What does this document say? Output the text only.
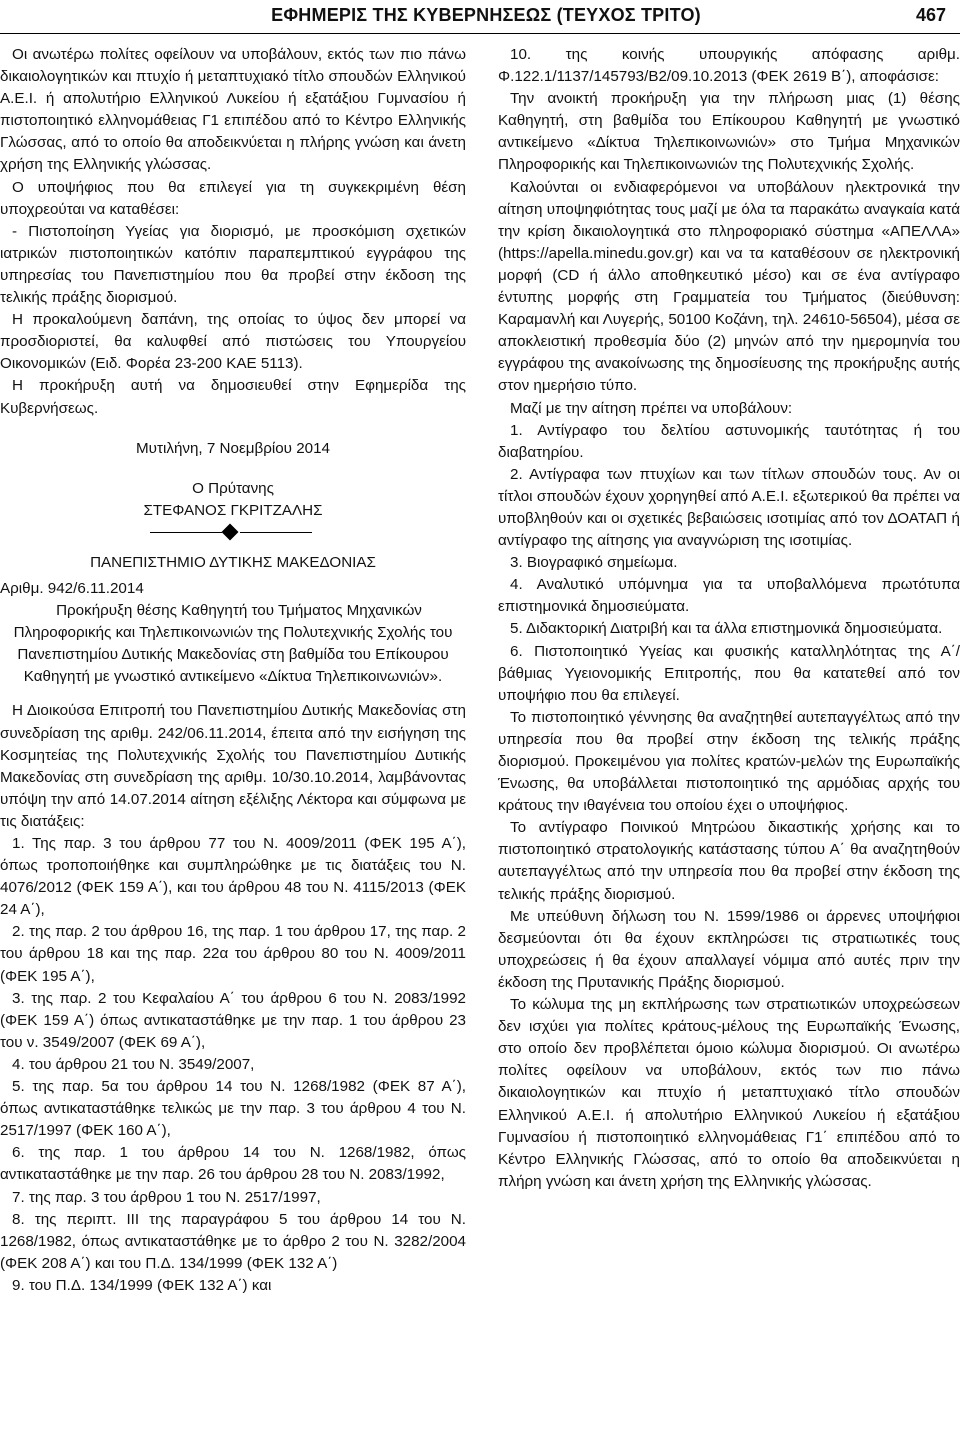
ΕΦΗΜΕΡΙΣ ΤΗΣ ΚΥΒΕΡΝΗΣΕΩΣ (ΤΕΥΧΟΣ ΤΡΙΤΟ)	467

Οι ανωτέρω πολίτες οφείλουν να υποβάλουν, εκτός των πιο πάνω δικαιολογητικών και πτυχίο ή μεταπτυχιακό τίτλο σπουδών Ελληνικού Α.Ε.Ι. ή απολυτήριο Ελληνικού Λυκείου ή εξατάξιου Γυμνασίου ή πιστοποιητικό ελληνομάθειας Γ1 επιπέδου από το Κέντρο Ελληνικής Γλώσσας, από το οποίο θα αποδεικνύεται η πλήρης γνώση και άνετη χρήση της Ελληνικής γλώσσας.

Ο υποψήφιος που θα επιλεγεί για τη συγκεκριμένη θέση υποχρεούται να καταθέσει:

- Πιστοποίηση Υγείας για διορισμό, με προσκόμιση σχετικών ιατρικών πιστοποιητικών κατόπιν παραπεμπτικού εγγράφου της υπηρεσίας του Πανεπιστημίου που θα προβεί στην έκδοση της τελικής πράξης διορισμού.

Η προκαλούμενη δαπάνη, της οποίας το ύψος δεν μπορεί να προσδιοριστεί, θα καλυφθεί από πιστώσεις του Υπουργείου Οικονομικών (Ειδ. Φορέα 23-200 ΚΑΕ 5113).

Η προκήρυξη αυτή να δημοσιευθεί στην Εφημερίδα της Κυβερνήσεως.

Μυτιλήνη, 7 Νοεμβρίου 2014

Ο Πρύτανης

ΣΤΕΦΑΝΟΣ ΓΚΡΙΤΖΑΛΗΣ

ΠΑΝΕΠΙΣΤΗΜΙΟ ΔΥΤΙΚΗΣ ΜΑΚΕΔΟΝΙΑΣ

Αριθμ. 942/6.11.2014

Προκήρυξη θέσης Καθηγητή του Τμήματος Μηχανικών Πληροφορικής και Τηλεπικοινωνιών της Πολυτεχνικής Σχολής του Πανεπιστημίου Δυτικής Μακεδονίας στη βαθμίδα του Επίκουρου Καθηγητή με γνωστικό αντικείμενο «Δίκτυα Τηλεπικοινωνιών».

Η Διοικούσα Επιτροπή του Πανεπιστημίου Δυτικής Μακεδονίας στη συνεδρίαση της αριθμ. 242/06.11.2014, έπειτα από την εισήγηση της Κοσμητείας της Πολυτεχνικής Σχολής του Πανεπιστημίου Δυτικής Μακεδονίας στη συνεδρίαση της αριθμ. 10/30.10.2014, λαμβάνοντας υπόψη την από 14.07.2014 αίτηση εξέλιξης Λέκτορα και σύμφωνα με τις διατάξεις:

1. Της παρ. 3 του άρθρου 77 του Ν. 4009/2011 (ΦΕΚ 195 Α΄), όπως τροποποιήθηκε και συμπληρώθηκε με τις διατάξεις του Ν. 4076/2012 (ΦΕΚ 159 Α΄), και του άρθρου 48 του Ν. 4115/2013 (ΦΕΚ 24 Α΄),

2. της παρ. 2 του άρθρου 16, της παρ. 1 του άρθρου 17, της παρ. 2 του άρθρου 18 και της παρ. 22α του άρθρου 80 του Ν. 4009/2011 (ΦΕΚ 195 Α΄),

3. της παρ. 2 του Κεφαλαίου Α΄ του άρθρου 6 του Ν. 2083/1992 (ΦΕΚ 159 Α΄) όπως αντικαταστάθηκε με την παρ. 1 του άρθρου 23 του ν. 3549/2007 (ΦΕΚ 69 Α΄),

4. του άρθρου 21 του Ν. 3549/2007,

5. της παρ. 5α του άρθρου 14 του Ν. 1268/1982 (ΦΕΚ 87 Α΄), όπως αντικαταστάθηκε τελικώς με την παρ. 3 του άρθρου 4 του Ν. 2517/1997 (ΦΕΚ 160 Α΄),

6. της παρ. 1 του άρθρου 14 του Ν. 1268/1982, όπως αντικαταστάθηκε με την παρ. 26 του άρθρου 28 του Ν. 2083/1992,

7. της παρ. 3 του άρθρου 1 του Ν. 2517/1997,

8. της περιπτ. ΙΙΙ της παραγράφου 5 του άρθρου 14 του Ν. 1268/1982, όπως αντικαταστάθηκε με το άρθρο 2 του Ν. 3282/2004 (ΦΕΚ 208 Α΄) και του Π.Δ. 134/1999 (ΦΕΚ 132 Α΄)

9. του Π.Δ. 134/1999 (ΦΕΚ 132 Α΄) και

10. της κοινής υπουργικής απόφασης αριθμ. Φ.122.1/1137/145793/Β2/09.10.2013 (ΦΕΚ 2619 Β΄), αποφάσισε:

Την ανοικτή προκήρυξη για την πλήρωση μιας (1) θέσης Καθηγητή, στη βαθμίδα του Επίκουρου Καθηγητή με γνωστικό αντικείμενο «Δίκτυα Τηλεπικοινωνιών» στο Τμήμα Μηχανικών Πληροφορικής και Τηλεπικοινωνιών της Πολυτεχνικής Σχολής.

Καλούνται οι ενδιαφερόμενοι να υποβάλουν ηλεκτρονικά την αίτηση υποψηφιότητας τους μαζί με όλα τα παρακάτω αναγκαία κατά την κρίση δικαιολογητικά στο πληροφοριακό σύστημα «ΑΠΕΛΛΑ» (https://apella.minedu.gov.gr) και να τα καταθέσουν σε ηλεκτρονική μορφή (CD ή άλλο αποθηκευτικό μέσο) και σε ένα αντίγραφο έντυπης μορφής στη Γραμματεία του Τμήματος (διεύθυνση: Καραμανλή και Λυγερής, 50100 Κοζάνη, τηλ. 24610-56504), μέσα σε αποκλειστική προθεσμία δύο (2) μηνών από την ημερομηνία του εγγράφου της ανακοίνωσης της δημοσίευσης της προκήρυξης αυτής στον ημερήσιο τύπο.

Μαζί με την αίτηση πρέπει να υποβάλουν:

1. Αντίγραφο του δελτίου αστυνομικής ταυτότητας ή του διαβατηρίου.

2. Αντίγραφα των πτυχίων και των τίτλων σπουδών τους. Αν οι τίτλοι σπουδών έχουν χορηγηθεί από Α.Ε.Ι. εξωτερικού θα πρέπει να υποβληθούν και οι σχετικές βεβαιώσεις ισοτιμίας από τον ΔΟΑΤΑΠ ή αντίγραφο της αίτησης για αναγνώριση της ισοτιμίας.

3. Βιογραφικό σημείωμα.

4. Αναλυτικό υπόμνημα για τα υποβαλλόμενα πρωτότυπα επιστημονικά δημοσιεύματα.

5. Διδακτορική Διατριβή και τα άλλα επιστημονικά δημοσιεύματα.

6. Πιστοποιητικό Υγείας και φυσικής καταλληλότητας της Α΄/βάθμιας Υγειονομικής Επιτροπής, που θα κατατεθεί από τον υποψήφιο που θα επιλεγεί.

Το πιστοποιητικό γέννησης θα αναζητηθεί αυτεπαγγέλτως από την υπηρεσία που θα προβεί στην έκδοση της τελικής πράξης διορισμού. Προκειμένου για πολίτες κρατών-μελών της Ευρωπαϊκής Ένωσης, θα υποβάλλεται πιστοποιητικό της αρμόδιας αρχής του κράτους την ιθαγένεια του οποίου έχει ο υποψήφιος.

Το αντίγραφο Ποινικού Μητρώου δικαστικής χρήσης και το πιστοποιητικό στρατολογικής κατάστασης τύπου Α΄ θα αναζητηθούν αυτεπαγγέλτως από την υπηρεσία που θα προβεί στην έκδοση της τελικής πράξης διορισμού.

Με υπεύθυνη δήλωση του Ν. 1599/1986 οι άρρενες υποψήφιοι δεσμεύονται ότι θα έχουν εκπληρώσει τις στρατιωτικές τους υποχρεώσεις ή θα έχουν απαλλαγεί νόμιμα από αυτές πριν την έκδοση της Πρυτανικής Πράξης διορισμού.

Το κώλυμα της μη εκπλήρωσης των στρατιωτικών υποχρεώσεων δεν ισχύει για πολίτες κράτους-μέλους της Ευρωπαϊκής Ένωσης, στο οποίο δεν προβλέπεται όμοιο κώλυμα διορισμού. Οι ανωτέρω πολίτες οφείλουν να υποβάλουν, εκτός των πιο πάνω δικαιολογητικών και πτυχίο ή μεταπτυχιακό τίτλο σπουδών Ελληνικού Α.Ε.Ι. ή απολυτήριο Ελληνικού Λυκείου ή εξατάξιου Γυμνασίου ή πιστοποιητικό ελληνομάθειας Γ1΄ επιπέδου από το Κέντρο Ελληνικής Γλώσσας, από το οποίο θα αποδεικνύεται η πλήρη γνώση και άνετη χρήση της Ελληνικής γλώσσας.
